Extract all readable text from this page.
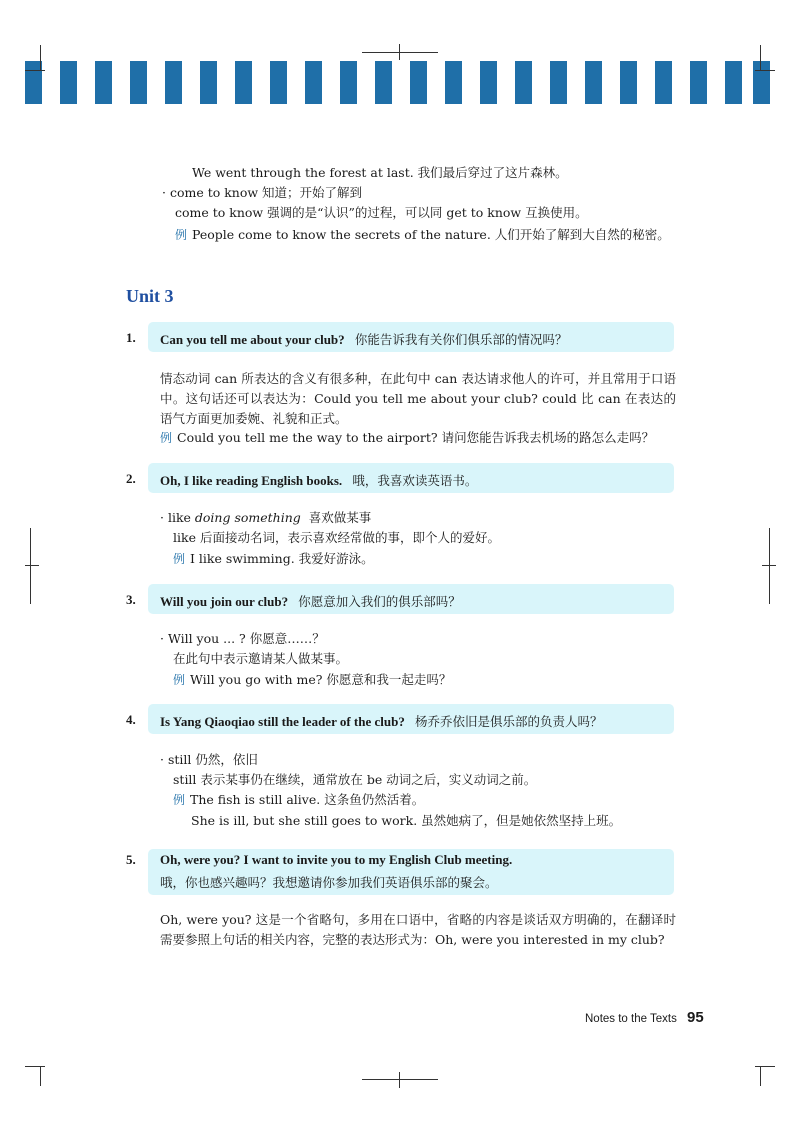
We went through the forest at last. 我们最后穿过了这片森林。
· come to know 知道；开始了解到
come to know 强调的是“认识”的过程，可以同 get to know 互换使用。
例 People come to know the secrets of the nature. 人们开始了解到大自然的秘密。
Unit 3
1. Can you tell me about your club? 你能告诉我有关你们俱乐部的情况吗？
情态动词 can 所表达的含义有很多种，在此句中 can 表达请求他人的许可，并且常用于口语中。这句话还可以表达为：Could you tell me about your club? could 比 can 在表达的语气方面更加委婉、礼貌和正式。
例 Could you tell me the way to the airport? 请问您能告诉我去机场的路怎么走吗？
2. Oh, I like reading English books. 哦，我喜欢读英语书。
· like doing something 喜欢做某事
like 后面接动名词，表示喜欢经常做的事，即个人的爱好。
例 I like swimming. 我爱好游泳。
3. Will you join our club? 你愿意加入我们的俱乐部吗？
· Will you ... ? 你愿意……？
在此句中表示邀请某人做某事。
例 Will you go with me? 你愿意和我一起走吗？
4. Is Yang Qiaoqiao still the leader of the club? 杨乔乔依旧是俱乐部的负责人吗？
· still 仍然，依旧
still 表示某事仍在继续，通常放在 be 动词之后，实义动词之前。
例 The fish is still alive. 这条鱼仍然活着。
She is ill, but she still goes to work. 虽然她病了，但是她依然坚持上班。
5. Oh, were you? I want to invite you to my English Club meeting.
哦，你也感兴趣吗？我想邀请你参加我们英语俱乐部的聚会。
Oh, were you? 这是一个省略句，多用在口语中，省略的内容是谈话双方明确的，在翻译时需要参照上句话的相关内容，完整的表达形式为：Oh, were you interested in my club?
Notes to the Texts 95
